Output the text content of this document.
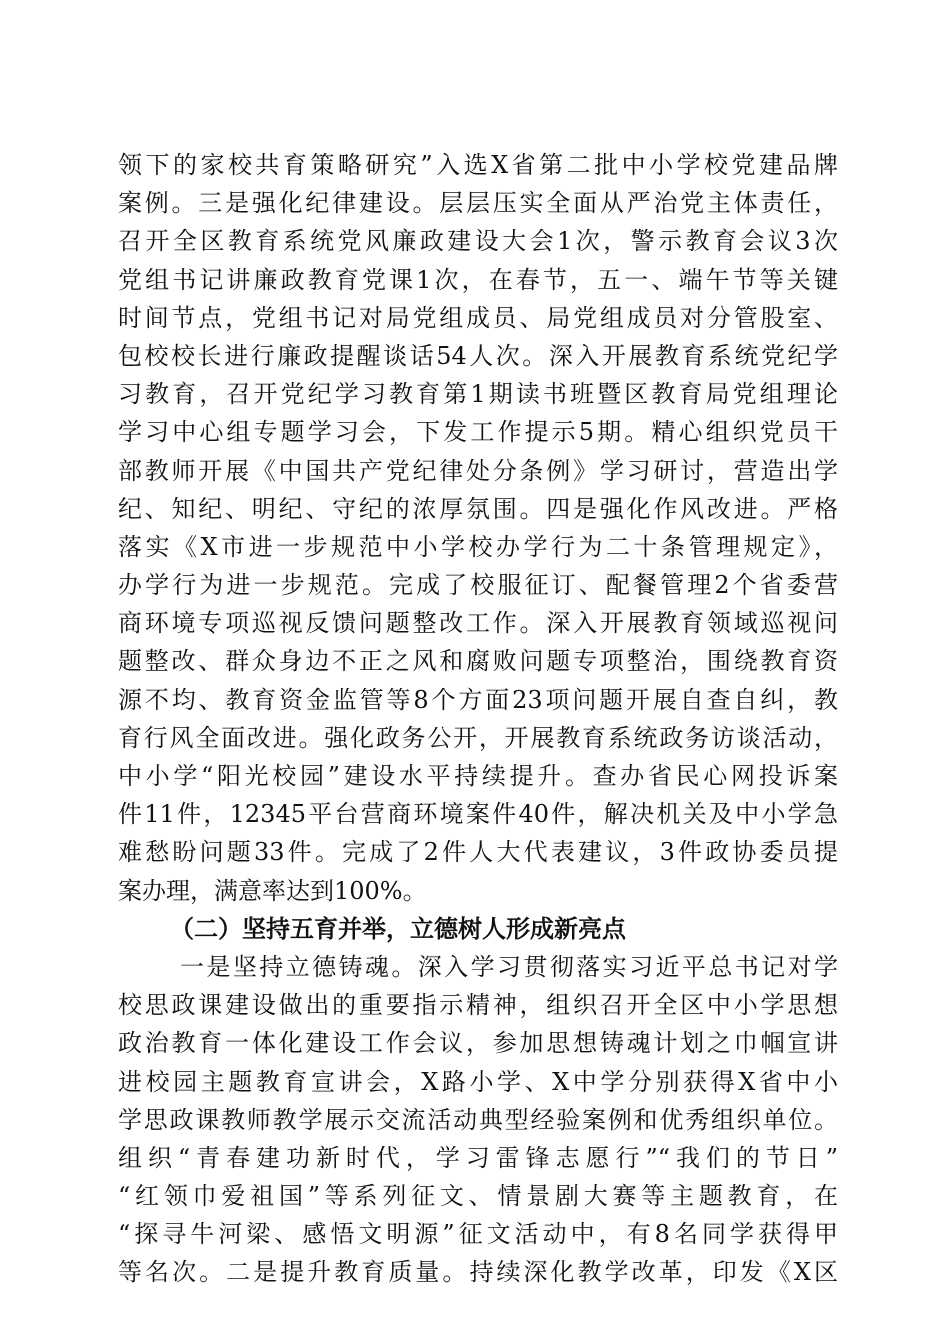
领下的家校共育策略研究”入选X省第二批中小学校党建品牌
案例。三是强化纪律建设。层层压实全面从严治党主体责任，
召开全区教育系统党风廉政建设大会1次，警示教育会议3次
党组书记讲廉政教育党课1次，在春节，五一、端午节等关键
时间节点，党组书记对局党组成员、局党组成员对分管股室、
包校校长进行廉政提醒谈话54人次。深入开展教育系统党纪学
习教育，召开党纪学习教育第1期读书班暨区教育局党组理论
学习中心组专题学习会，下发工作提示5期。精心组织党员干
部教师开展《中国共产党纪律处分条例》学习研讨，营造出学
纪、知纪、明纪、守纪的浓厚氛围。四是强化作风改进。严格
落实《X市进一步规范中小学校办学行为二十条管理规定》，
办学行为进一步规范。完成了校服征订、配餐管理2个省委营
商环境专项巡视反馈问题整改工作。深入开展教育领域巡视问
题整改、群众身边不正之风和腐败问题专项整治，围绕教育资
源不均、教育资金监管等8个方面23项问题开展自查自纠，教
育行风全面改进。强化政务公开，开展教育系统政务访谈活动，
中小学“阳光校园”建设水平持续提升。查办省民心网投诉案
件11件，12345平台营商环境案件40件，解决机关及中小学急
难愁盼问题33件。完成了2件人大代表建议，3件政协委员提
案办理，满意率达到100%。
（二）坚持五育并举，立德树人形成新亮点
一是坚持立德铸魂。深入学习贯彻落实习近平总书记对学
校思政课建设做出的重要指示精神，组织召开全区中小学思想
政治教育一体化建设工作会议，参加思想铸魂计划之巾帼宣讲
进校园主题教育宣讲会，X路小学、X中学分别获得X省中小
学思政课教师教学展示交流活动典型经验案例和优秀组织单位。
组织“青春建功新时代，学习雷锋志愿行”“我们的节日”
“红领巾爱祖国”等系列征文、情景剧大赛等主题教育，在
“探寻牛河梁、感悟文明源”征文活动中，有8名同学获得甲
等名次。二是提升教育质量。持续深化教学改革，印发《X区
